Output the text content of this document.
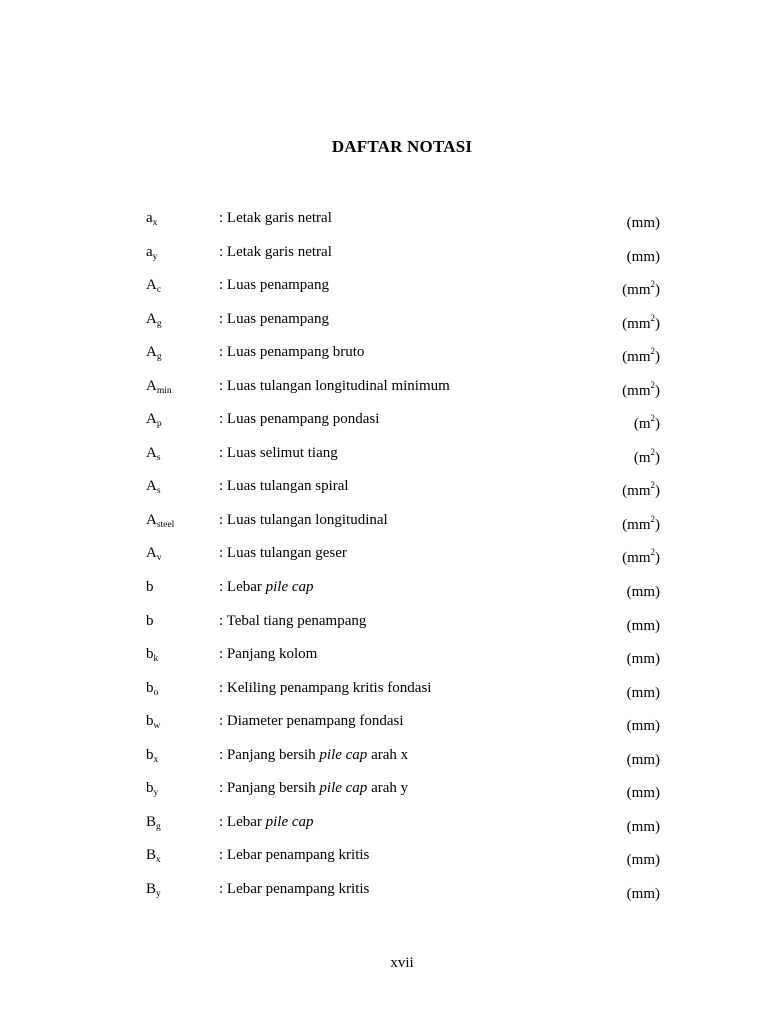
DAFTAR NOTASI
$a_x$	: Letak garis netral	(mm)
$a_y$	: Letak garis netral	(mm)
$A_c$	: Luas penampang	$(mm^2)$
$A_g$	: Luas penampang	$(mm^2)$
$A_g$	: Luas penampang bruto	$(mm^2)$
$A_{min}$	: Luas tulangan longitudinal minimum	$(mm^2)$
$A_p$	: Luas penampang pondasi	$(m^2)$
$A_s$	: Luas selimut tiang	$(m^2)$
$A_s$	: Luas tulangan spiral	$(mm^2)$
$A_{steel}$	: Luas tulangan longitudinal	$(mm^2)$
$A_v$	: Luas tulangan geser	$(mm^2)$
b	: Lebar pile cap	(mm)
b	: Tebal tiang penampang	(mm)
$b_k$	: Panjang kolom	(mm)
$b_o$	: Keliling penampang kritis fondasi	(mm)
$b_w$	: Diameter penampang fondasi	(mm)
$b_x$	: Panjang bersih pile cap arah x	(mm)
$b_y$	: Panjang bersih pile cap arah y	(mm)
$B_g$	: Lebar pile cap	(mm)
$B_x$	: Lebar penampang kritis	(mm)
$B_y$	: Lebar penampang kritis	(mm)
xvii
